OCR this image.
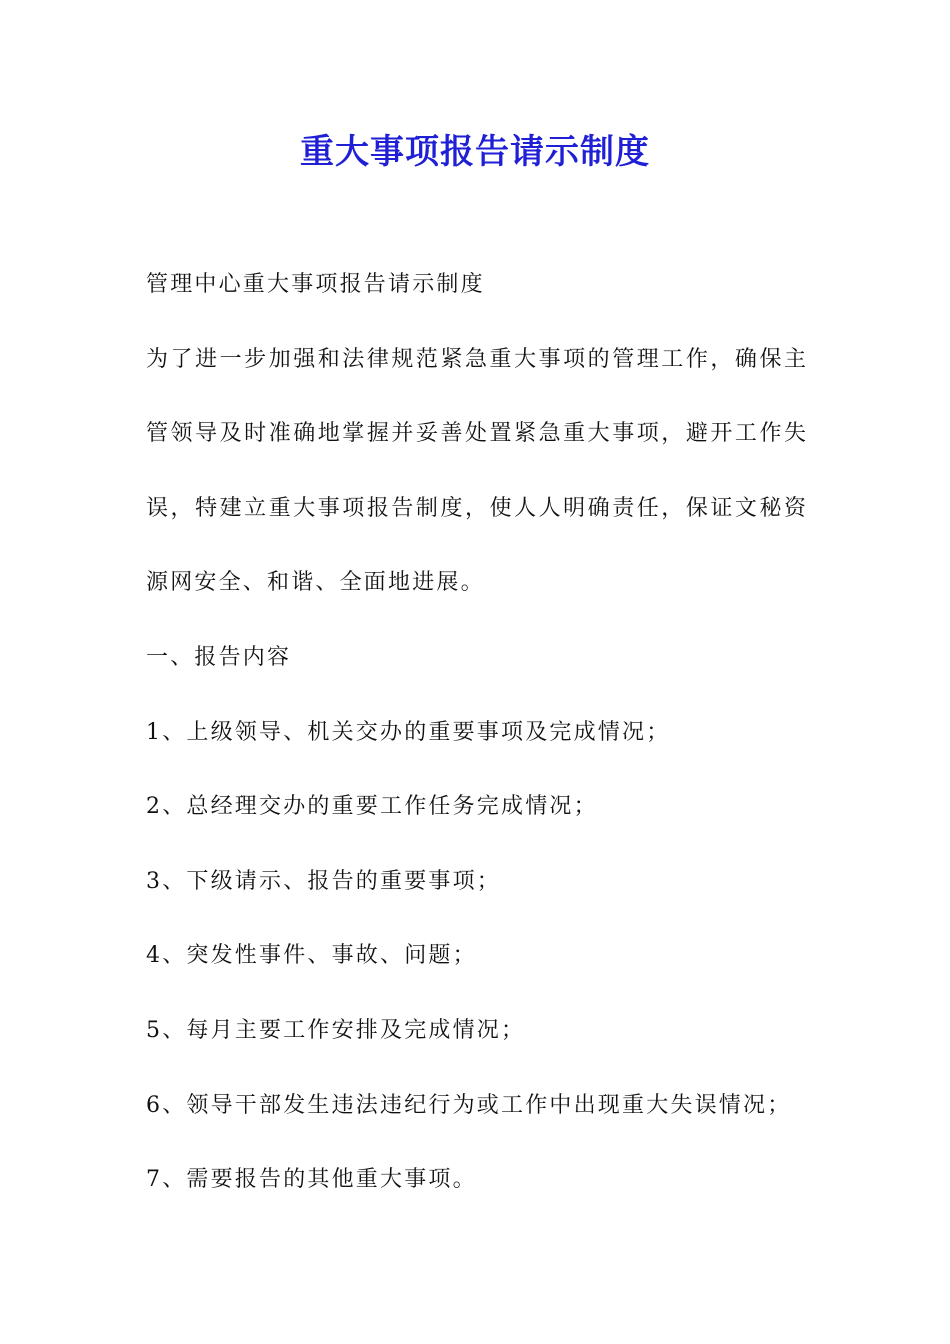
重大事项报告请示制度
管理中心重大事项报告请示制度
为了进一步加强和法律规范紧急重大事项的管理工作，确保主
管领导及时准确地掌握并妥善处置紧急重大事项，避开工作失
误，特建立重大事项报告制度，使人人明确责任，保证文秘资
源网安全、和谐、全面地进展。
一、报告内容
1、上级领导、机关交办的重要事项及完成情况；
2、总经理交办的重要工作任务完成情况；
3、下级请示、报告的重要事项；
4、突发性事件、事故、问题；
5、每月主要工作安排及完成情况；
6、领导干部发生违法违纪行为或工作中出现重大失误情况；
7、需要报告的其他重大事项。
